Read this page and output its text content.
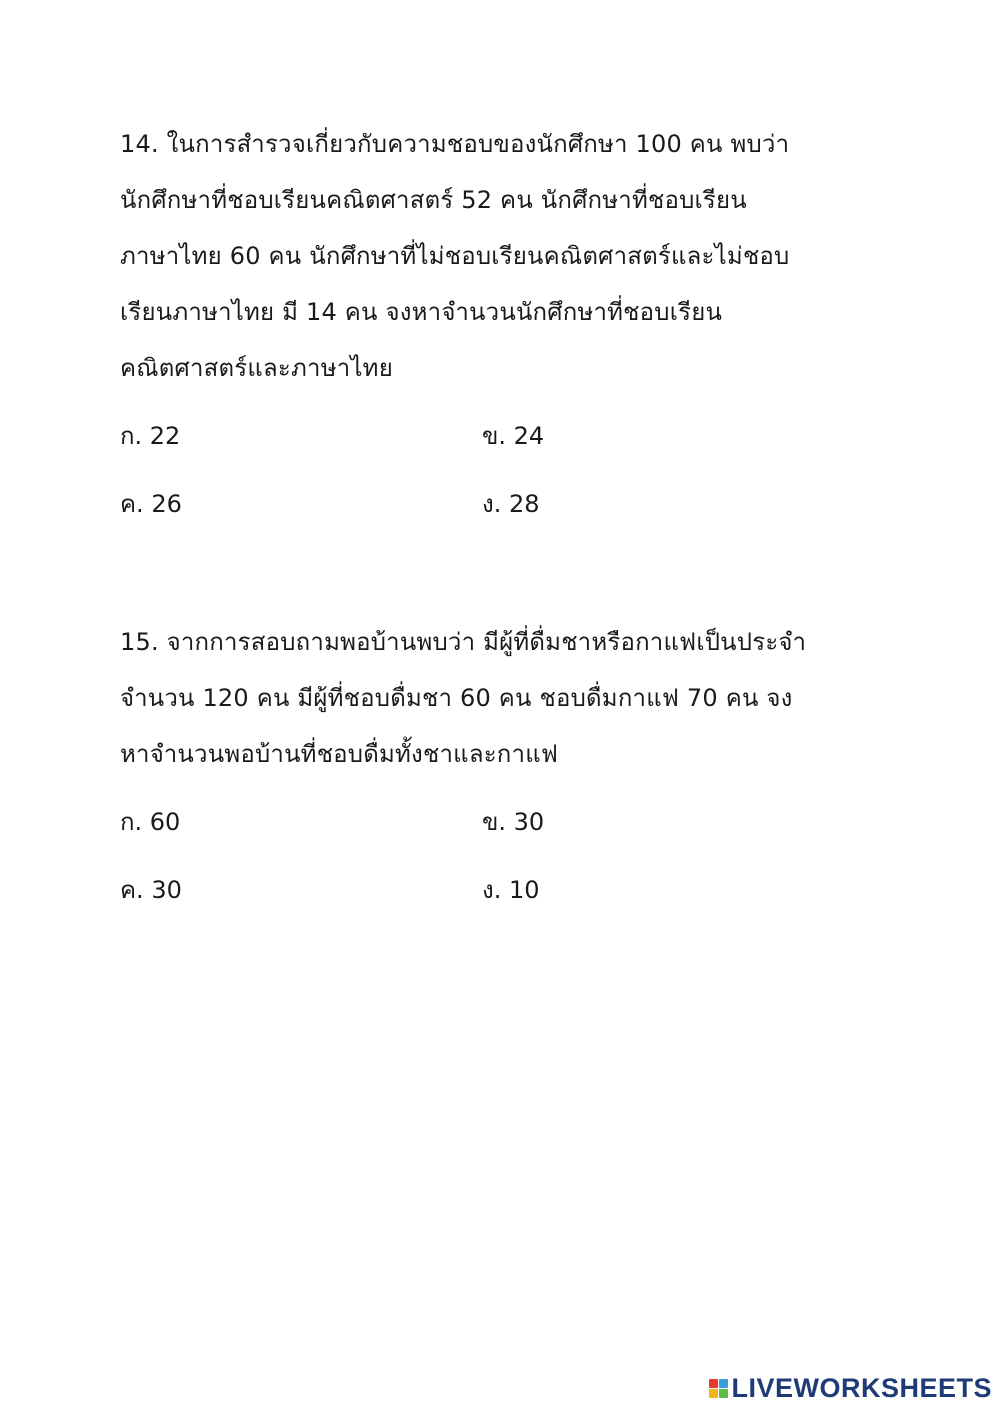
14. ในการสำรวจเกี่ยวกับความชอบของนักศึกษา 100 คน พบว่า
นักศึกษาที่ชอบเรียนคณิตศาสตร์ 52 คน นักศึกษาที่ชอบเรียน
ภาษาไทย 60 คน นักศึกษาที่ไม่ชอบเรียนคณิตศาสตร์และไม่ชอบ
เรียนภาษาไทย มี 14 คน จงหาจำนวนนักศึกษาที่ชอบเรียน
คณิตศาสตร์และภาษาไทย
ก. 22	ข. 24
ค. 26	ง. 28
15. จากการสอบถามพอบ้านพบว่า มีผู้ที่ดื่มชาหรือกาแฟเป็นประจำ
จำนวน 120 คน มีผู้ที่ชอบดื่มชา 60 คน ชอบดื่มกาแฟ 70 คน จง
หาจำนวนพอบ้านที่ชอบดื่มทั้งชาและกาแฟ
ก. 60	ข. 30
ค. 30	ง. 10
LIVEWORKSHEETS
